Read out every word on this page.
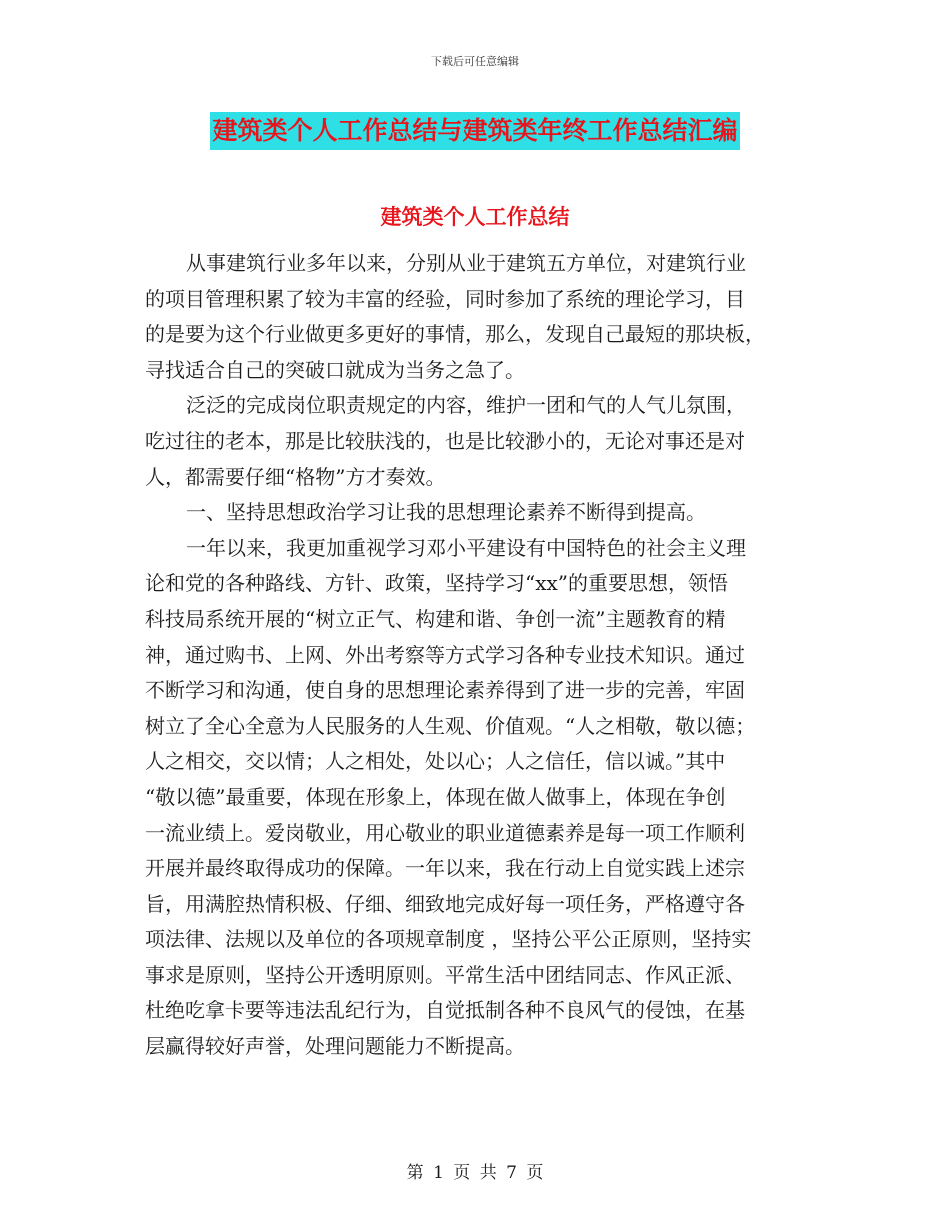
下载后可任意编辑
建筑类个人工作总结与建筑类年终工作总结汇编
建筑类个人工作总结

从事建筑行业多年以来，分别从业于建筑五方单位，对建筑行业
的项目管理积累了较为丰富的经验，同时参加了系统的理论学习，目
的是要为这个行业做更多更好的事情，那么，发现自己最短的那块板，
寻找适合自己的突破口就成为当务之急了。

泛泛的完成岗位职责规定的内容，维护一团和气的人气儿氛围，
吃过往的老本，那是比较肤浅的，也是比较渺小的，无论对事还是对
人，都需要仔细“格物”方才奏效。

一、坚持思想政治学习让我的思想理论素养不断得到提高。

一年以来，我更加重视学习邓小平建设有中国特色的社会主义理
论和党的各种路线、方针、政策，坚持学习“xx”的重要思想，领悟
科技局系统开展的“树立正气、构建和谐、争创一流”主题教育的精
神，通过购书、上网、外出考察等方式学习各种专业技术知识。通过
不断学习和沟通，使自身的思想理论素养得到了进一步的完善，牢固
树立了全心全意为人民服务的人生观、价值观。“人之相敬，敬以德；
人之相交，交以情；人之相处，处以心；人之信任，信以诚。”其中
“敬以德”最重要，体现在形象上，体现在做人做事上，体现在争创
一流业绩上。爱岗敬业，用心敬业的职业道德素养是每一项工作顺利
开展并最终取得成功的保障。一年以来，我在行动上自觉实践上述宗
旨，用满腔热情积极、仔细、细致地完成好每一项任务，严格遵守各
项法律、法规以及单位的各项规章制度 ，坚持公平公正原则，坚持实
事求是原则，坚持公开透明原则。平常生活中团结同志、作风正派、
杜绝吃拿卡要等违法乱纪行为，自觉抵制各种不良风气的侵蚀，在基
层赢得较好声誉，处理问题能力不断提高。

第 1 页 共 7 页
